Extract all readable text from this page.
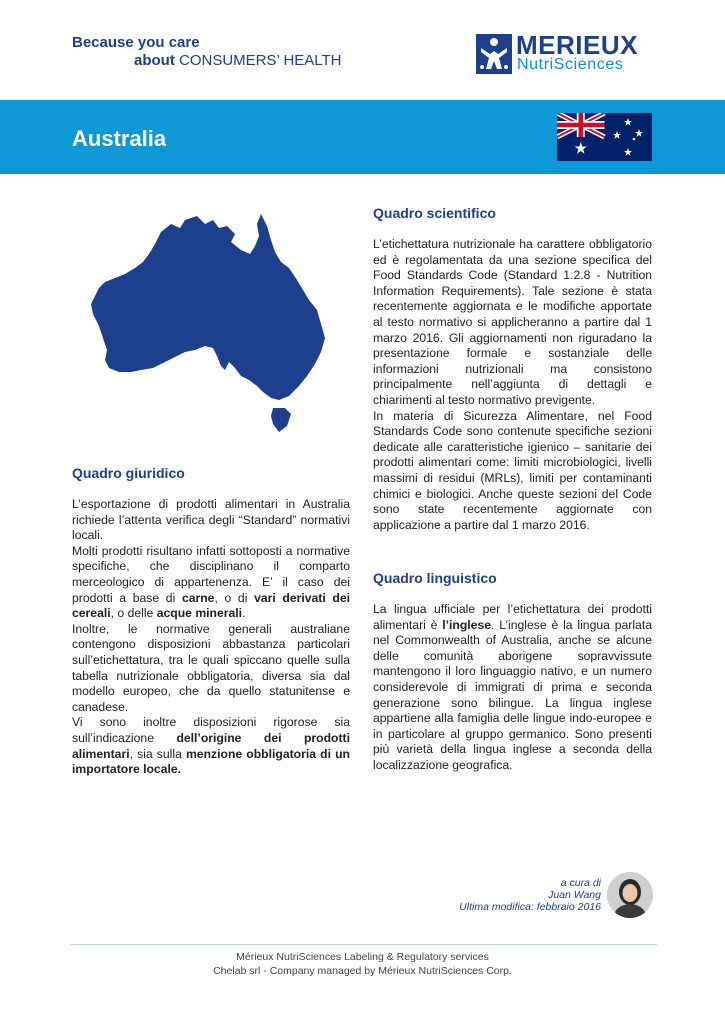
Because you care
about CONSUMERS’ HEALTH
MERIEUX
NutriSciences
Australia
Quadro giuridico

L’esportazione di prodotti alimentari in Australia richiede l’attenta verifica degli “Standard” normativi locali.

Molti prodotti risultano infatti sottoposti a normative specifiche, che disciplinano il comparto merceologico di appartenenza. E’ il caso dei prodotti a base di carne, o di vari derivati dei cereali, o delle acque minerali.

Inoltre, le normative generali australiane contengono disposizioni abbastanza particolari sull’etichettatura, tra le quali spiccano quelle sulla tabella nutrizionale obbligatoria, diversa sia dal modello europeo, che da quello statunitense e canadese.

Vi sono inoltre disposizioni rigorose sia sull’indicazione dell’origine dei prodotti alimentari, sia sulla menzione obbligatoria di un importatore locale.

Quadro scientifico

L’etichettatura nutrizionale ha carattere obbligatorio ed è regolamentata da una sezione specifica del Food Standards Code (Standard 1.2.8 - Nutrition Information Requirements). Tale sezione è stata recentemente aggiornata e le modifiche apportate al testo normativo si applicheranno a partire dal 1 marzo 2016. Gli aggiornamenti non riguradano la presentazione formale e sostanziale delle informazioni nutrizionali ma consistono principalmente nell’aggiunta di dettagli e chiarimenti al testo normativo previgente.

In materia di Sicurezza Alimentare, nel Food Standards Code sono contenute specifiche sezioni dedicate alle caratteristiche igienico – sanitarie dei prodotti alimentari come: limiti microbiologici, livelli massimi di residui (MRLs), limiti per contaminanti chimici e biologici. Anche queste sezioni del Code sono state recentemente aggiornate con applicazione a partire dal 1 marzo 2016.

Quadro linguistico

La lingua ufficiale per l’etichettatura dei prodotti alimentari è l’inglese. L’inglese è la lingua parlata nel Commonwealth of Australia, anche se alcune delle comunità aborigene sopravvissute mantengono il loro linguaggio nativo, e un numero considerevole di immigrati di prima e seconda generazione sono bilingue. La lingua inglese appartiene alla famiglia delle lingue indo-europee e in particolare al gruppo germanico. Sono presenti più varietà della lingua inglese a seconda della localizzazione geografica.

a cura di
Juan Wang
Ultima modifica: febbraio 2016
Mérieux NutriSciences Labeling & Regulatory services
Chelab srl - Company managed by Mérieux NutriSciences Corp.
